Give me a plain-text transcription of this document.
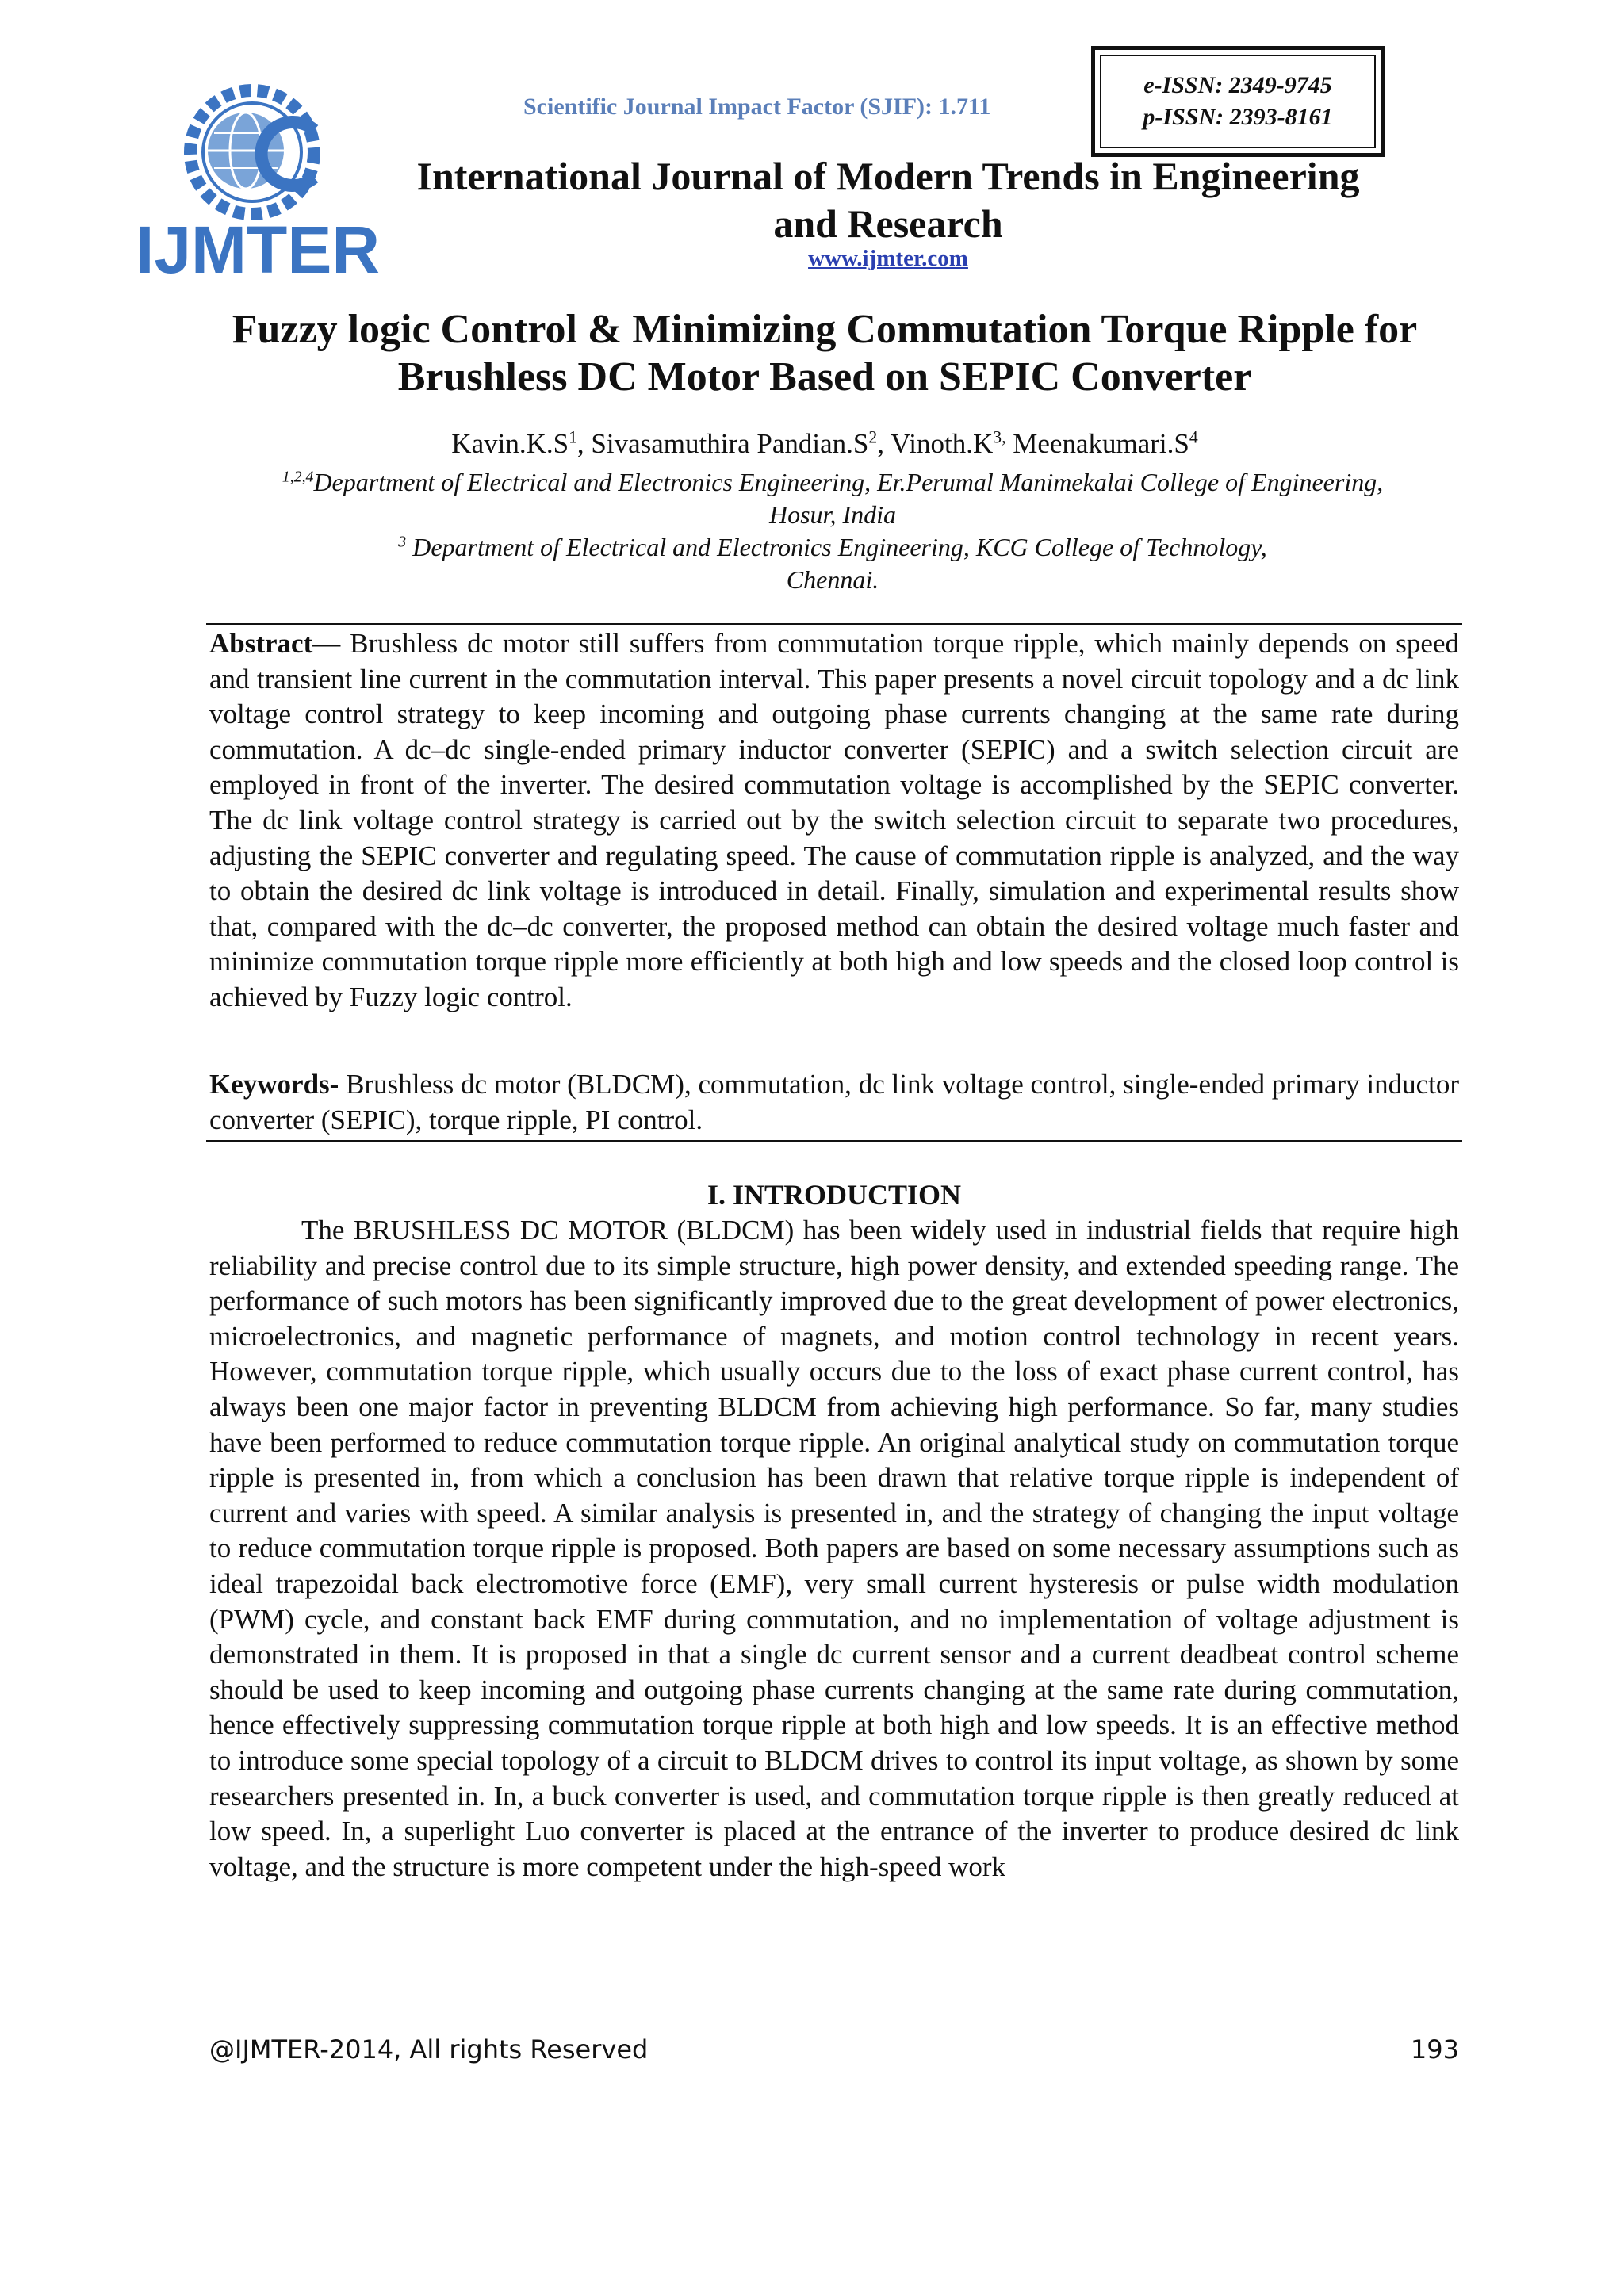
IJMTER
Scientific Journal Impact Factor (SJIF): 1.711
e-ISSN: 2349-9745
p-ISSN: 2393-8161
International Journal of Modern Trends in Engineering
and Research
www.ijmter.com
Fuzzy logic Control & Minimizing Commutation Torque Ripple for
Brushless DC Motor Based on SEPIC Converter
$Kavin.K.S^1$, Sivasamuthira $Pandian.S^2$, $Vinoth.K^{3,}$ $Meenakumari.S^4$
$^{1,2,4}$Department of Electrical and Electronics Engineering, Er.Perumal Manimekalai College of Engineering,
Hosur, India
$^3$ Department of Electrical and Electronics Engineering, KCG College of Technology,
Chennai.
Abstract— Brushless dc motor still suffers from commutation torque ripple, which mainly depends on speed and transient line current in the commutation interval. This paper presents a novel circuit topology and a dc link voltage control strategy to keep incoming and outgoing phase currents changing at the same rate during commutation. A dc–dc single-ended primary inductor converter (SEPIC) and a switch selection circuit are employed in front of the inverter. The desired commutation voltage is accomplished by the SEPIC converter. The dc link voltage control strategy is carried out by the switch selection circuit to separate two procedures, adjusting the SEPIC converter and regulating speed. The cause of commutation ripple is analyzed, and the way to obtain the desired dc link voltage is introduced in detail. Finally, simulation and experimental results show that, compared with the dc–dc converter, the proposed method can obtain the desired voltage much faster and minimize commutation torque ripple more efficiently at both high and low speeds and the closed loop control is achieved by Fuzzy logic control.
Keywords- Brushless dc motor (BLDCM), commutation, dc link voltage control, single-ended primary inductor converter (SEPIC), torque ripple, PI control.
I. INTRODUCTION
The BRUSHLESS DC MOTOR (BLDCM) has been widely used in industrial fields that require high reliability and precise control due to its simple structure, high power density, and extended speeding range. The performance of such motors has been significantly improved due to the great development of power electronics, microelectronics, and magnetic performance of magnets, and motion control technology in recent years. However, commutation torque ripple, which usually occurs due to the loss of exact phase current control, has always been one major factor in preventing BLDCM from achieving high performance. So far, many studies have been performed to reduce commutation torque ripple. An original analytical study on commutation torque ripple is presented in, from which a conclusion has been drawn that relative torque ripple is independent of current and varies with speed. A similar analysis is presented in, and the strategy of changing the input voltage to reduce commutation torque ripple is proposed. Both papers are based on some necessary assumptions such as ideal trapezoidal back electromotive force (EMF), very small current hysteresis or pulse width modulation (PWM) cycle, and constant back EMF during commutation, and no implementation of voltage adjustment is demonstrated in them. It is proposed in that a single dc current sensor and a current deadbeat control scheme should be used to keep incoming and outgoing phase currents changing at the same rate during commutation, hence effectively suppressing commutation torque ripple at both high and low speeds. It is an effective method to introduce some special topology of a circuit to BLDCM drives to control its input voltage, as shown by some researchers presented in. In, a buck converter is used, and commutation torque ripple is then greatly reduced at low speed. In, a superlight Luo converter is placed at the entrance of the inverter to produce desired dc link voltage, and the structure is more competent under the high-speed work
@IJMTER-2014, All rights Reserved	193
